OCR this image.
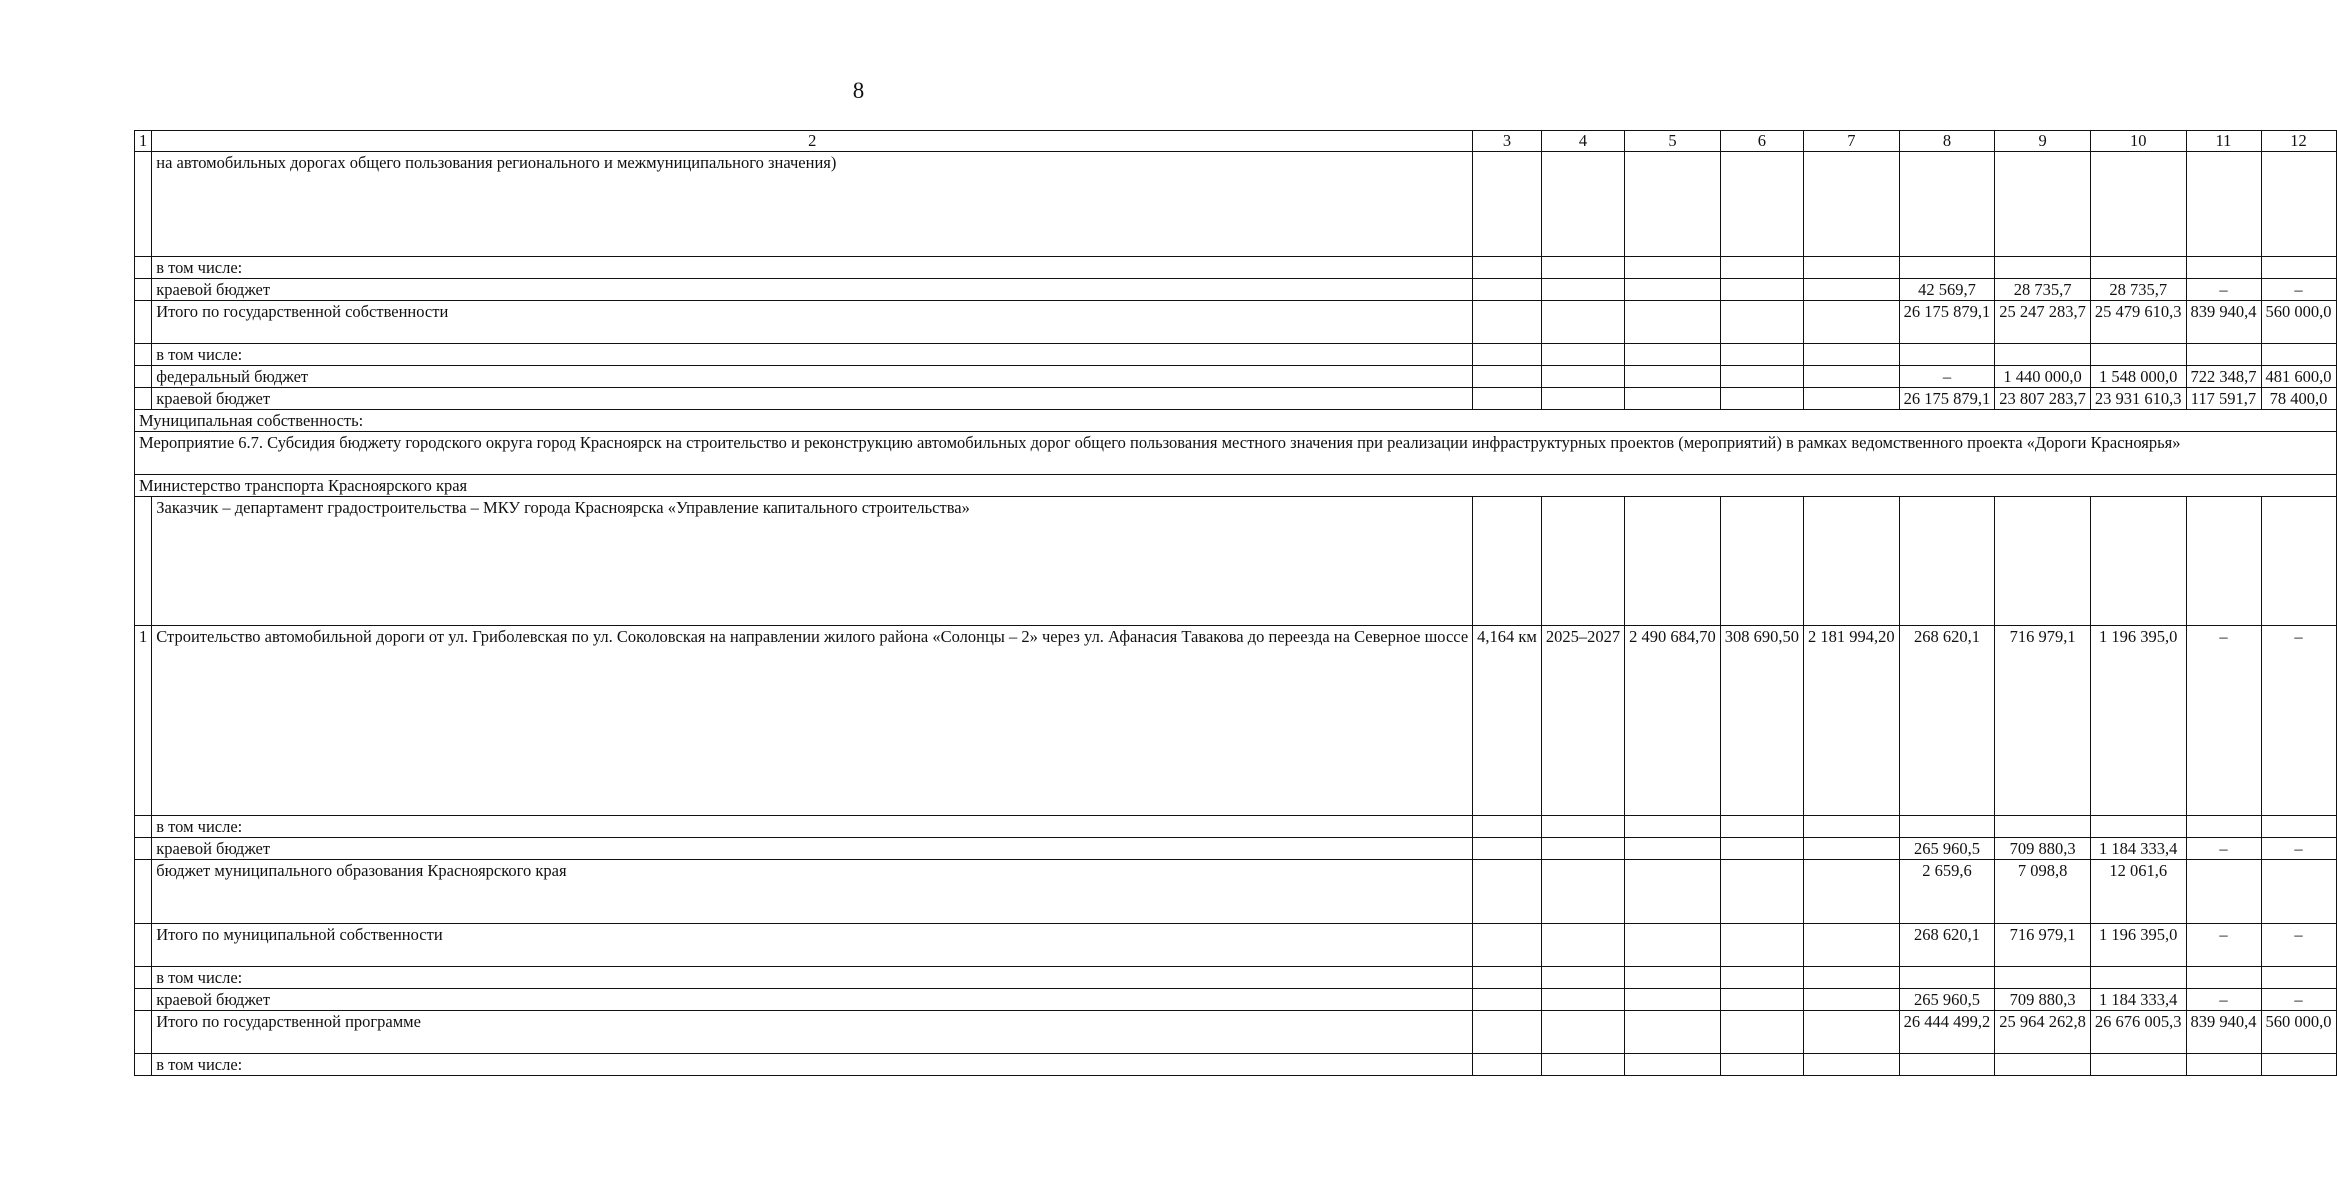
8
1	2	3	4	5	6	7	8	9	10	11	12
	на автомобильных дорогах общего пользования регионального и межмуниципального значения)										
	в том числе:										
	краевой бюджет						42 569,7	28 735,7	28 735,7	–	–
	Итого по государственной собственности						26 175 879,1	25 247 283,7	25 479 610,3	839 940,4	560 000,0
	в том числе:										
	федеральный бюджет						–	1 440 000,0	1 548 000,0	722 348,7	481 600,0
	краевой бюджет						26 175 879,1	23 807 283,7	23 931 610,3	117 591,7	78 400,0
Муниципальная собственность:											
Мероприятие 6.7. Субсидия бюджету городского округа город Красноярск на строительство и реконструкцию автомобильных дорог общего пользования местного значения при реализации инфраструктурных проектов (мероприятий) в рамках ведомственного проекта «Дороги Красноярья»											
Министерство транспорта Красноярского края											
	Заказчик – департамент градостроительства – МКУ города Красноярска «Управление капитального строительства»										
1	Строительство автомобильной дороги от ул. Гриболевская по ул. Соколовская на направлении жилого района «Солонцы – 2» через ул. Афанасия Тавакова до переезда на Северное шоссе	4,164 км	2025–2027	2 490 684,70	308 690,50	2 181 994,20	268 620,1	716 979,1	1 196 395,0	–	–
	в том числе:										
	краевой бюджет						265 960,5	709 880,3	1 184 333,4	–	–
	бюджет муниципального образования Красноярского края						2 659,6	7 098,8	12 061,6		
	Итого по муниципальной собственности						268 620,1	716 979,1	1 196 395,0	–	–
	в том числе:										
	краевой бюджет						265 960,5	709 880,3	1 184 333,4	–	–
	Итого по государственной программе						26 444 499,2	25 964 262,8	26 676 005,3	839 940,4	560 000,0
	в том числе:										
